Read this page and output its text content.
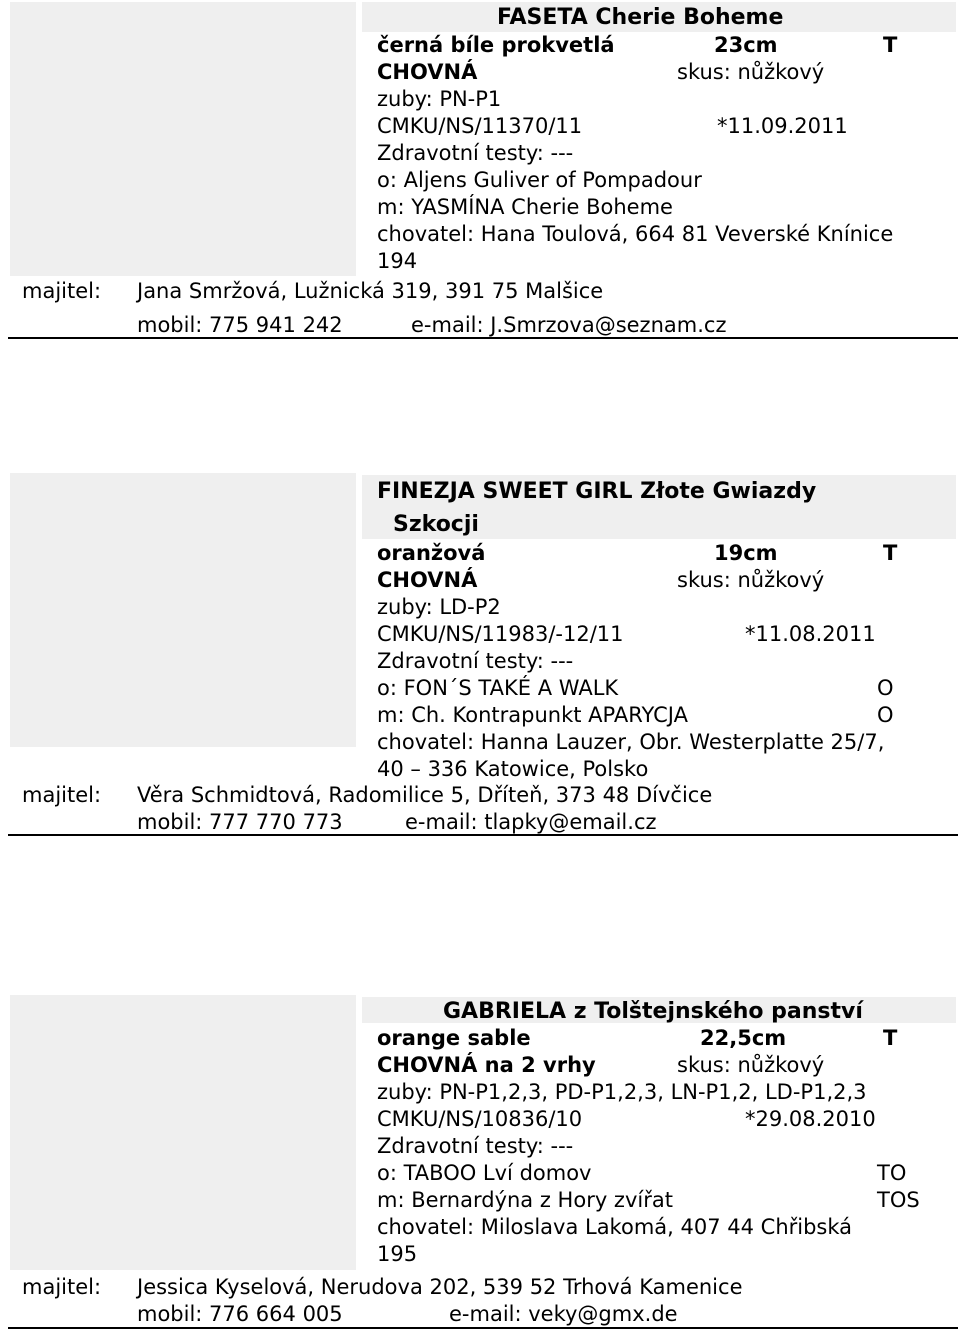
FASETA Cherie Boheme
černá bíle prokvetlá	23cm	T
CHOVNÁ	skus: nůžkový
zuby: PN-P1
CMKU/NS/11370/11	*11.09.2011
Zdravotní testy: ---
o: Aljens Guliver of Pompadour
m: YASMÍNA Cherie Boheme
chovatel: Hana Toulová, 664 81 Veverské Knínice
194
majitel: Jana Smržová, Lužnická 319, 391 75 Malšice
mobil: 775 941 242	e-mail: J.Smrzova@seznam.cz
FINEZJA SWEET GIRL Złote Gwiazdy
Szkocji
oranžová	19cm	T
CHOVNÁ	skus: nůžkový
zuby: LD-P2
CMKU/NS/11983/-12/11	*11.08.2011
Zdravotní testy: ---
o: FON´S TAKÉ A WALK	O
m: Ch. Kontrapunkt APARYCJA	O
chovatel: Hanna Lauzer, Obr. Westerplatte 25/7,
40 – 336 Katowice, Polsko
majitel: Věra Schmidtová, Radomilice 5, Dříteň, 373 48 Dívčice
mobil: 777 770 773	e-mail: tlapky@email.cz
GABRIELA z Tolštejnského panství
orange sable	22,5cm	T
CHOVNÁ na 2 vrhy	skus: nůžkový
zuby: PN-P1,2,3, PD-P1,2,3, LN-P1,2, LD-P1,2,3
CMKU/NS/10836/10	*29.08.2010
Zdravotní testy: ---
o: TABOO Lví domov	TO
m: Bernardýna z Hory zvířat	TOS
chovatel: Miloslava Lakomá, 407 44 Chřibská
195
majitel: Jessica Kyselová, Nerudova 202, 539 52 Trhová Kamenice
mobil: 776 664 005	e-mail: veky@gmx.de
